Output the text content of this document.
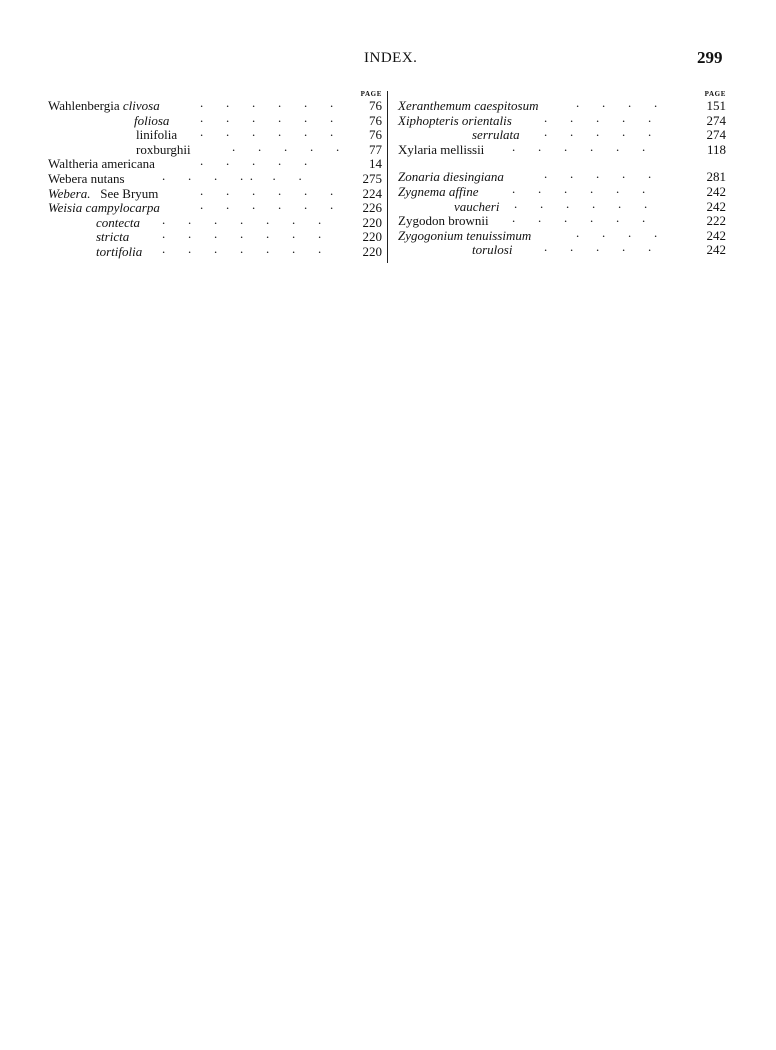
INDEX.	299
PAGE
Wahlenbergia clivosa	.       .       .       .       .       .	76
foliosa .       .       .       .       .       .	76
linifolia .       .       .       .       .       .	76
roxburghii	.       .       .       .       . 77
Waltheria americana	.       .       .       .       .	14
Webera nutans	.       .       .       .  .      .       .	275
Webera. See Bryum	.       .       .       .       .       . 224
Weisia campylocarpa	.       .       .       .       .       . 226
contecta .       .       .       .       .       .       .	220
stricta	.       .       .       .       .       .       .	220
tortifolia .       .       .       .       .       .       .	220
PAGE
Xeranthemum caespitosum	.       .       .       .	151
Xiphopteris orientalis .       .       .       .       .	274
serrulata .       .       .       .       .	274
Xylaria mellissii .       .       .       .       .       .	118
Zonaria diesingiana	.       .       .       .       .	281
Zygnema affine	.       .       .       .       .       .	242
vaucheri .       .       .       .       .       .	242
Zygodon brownii .       .       .       .       .       .	222
Zygogonium tenuissimum	.       .       .       .	242
torulosi .       .       .       .       .	242
